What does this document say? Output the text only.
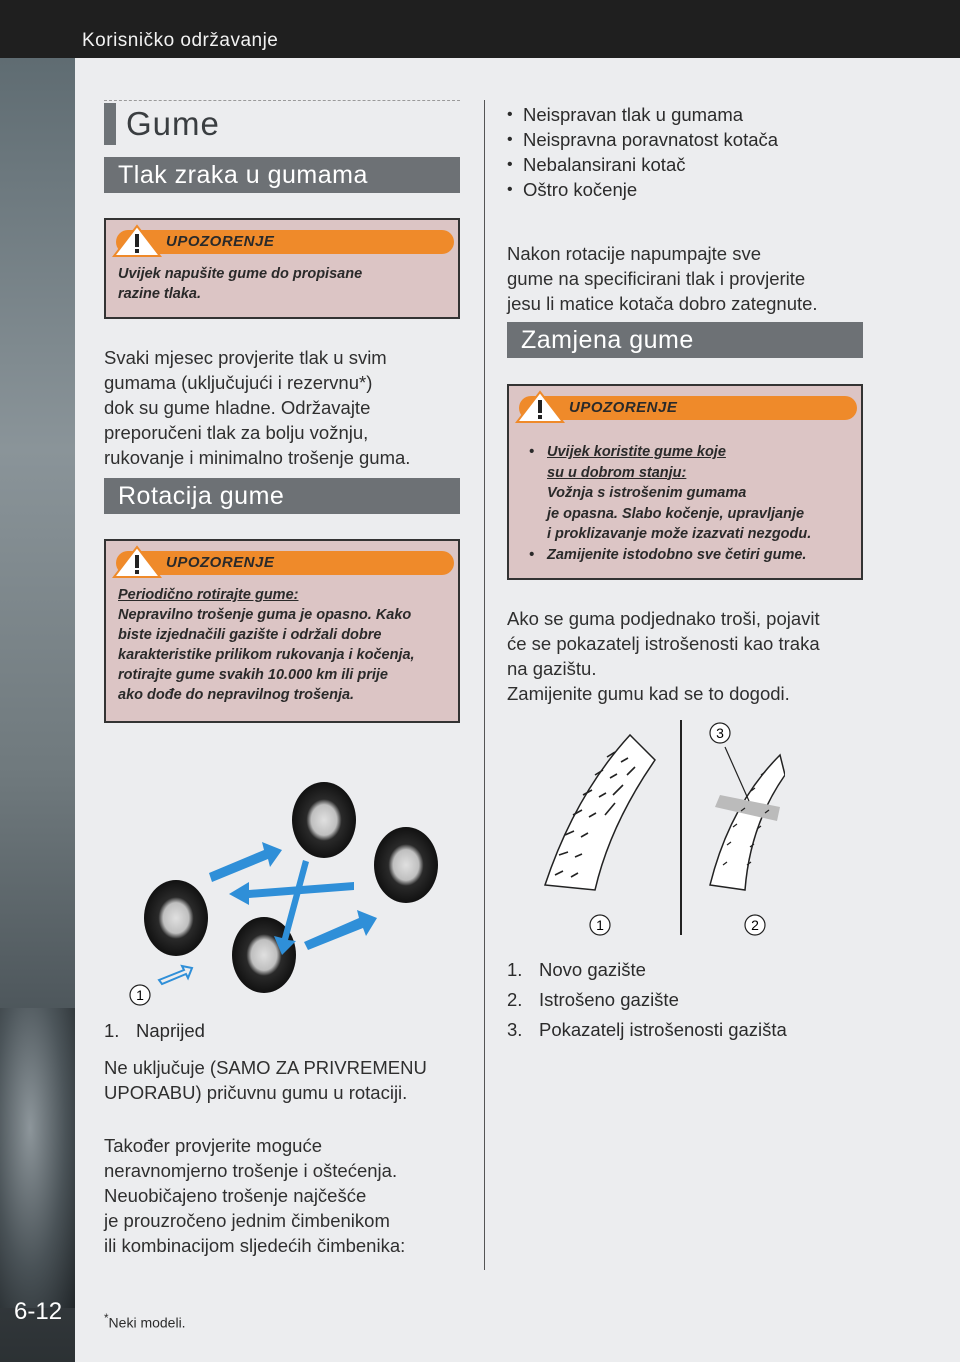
Korisničko održavanje
6-12
Gume
Tlak zraka u gumama
UPOZORENJE
Uvijek napušite gume do propisane
razine tlaka.
Svaki mjesec provjerite tlak u svim
gumama (uključujući i rezervnu*)
dok su gume hladne. Održavajte
preporučeni tlak za bolju vožnju,
rukovanje i minimalno trošenje guma.
Rotacija gume
UPOZORENJE
Periodično rotirajte gume:
Nepravilno trošenje guma je opasno. Kako
biste izjednačili gazište i održali dobre
karakteristike prilikom rukovanja i kočenja,
rotirajte gume svakih 10.000 km ili prije
ako dođe do nepravilnog trošenja.
1
1. Naprijed
Ne uključuje (SAMO ZA PRIVREMENU
UPORABU) pričuvnu gumu u rotaciji.
Također provjerite moguće
neravnomjerno trošenje i oštećenja.
Neuobičajeno trošenje najčešće
je prouzročeno jednim čimbenikom
ili kombinacijom sljedećih čimbenika:
• Neispravan tlak u gumama
• Neispravna poravnatost kotača
• Nebalansirani kotač
• Oštro kočenje
Nakon rotacije napumpajte sve
gume na specificirani tlak i provjerite
jesu li matice kotača dobro zategnute.
Zamjena gume
UPOZORENJE
• Uvijek koristite gume koje
su u dobrom stanju:
Vožnja s istrošenim gumama
je opasna. Slabo kočenje, upravljanje
i proklizavanje može izazvati nezgodu.
• Zamijenite istodobno sve četiri gume.
Ako se guma podjednako troši, pojavit
će se pokazatelj istrošenosti kao traka
na gazištu.
Zamijenite gumu kad se to dogodi.
3
1	2
1. Novo gazište
2. Istrošeno gazište
3. Pokazatelj istrošenosti gazišta
*Neki modeli.
